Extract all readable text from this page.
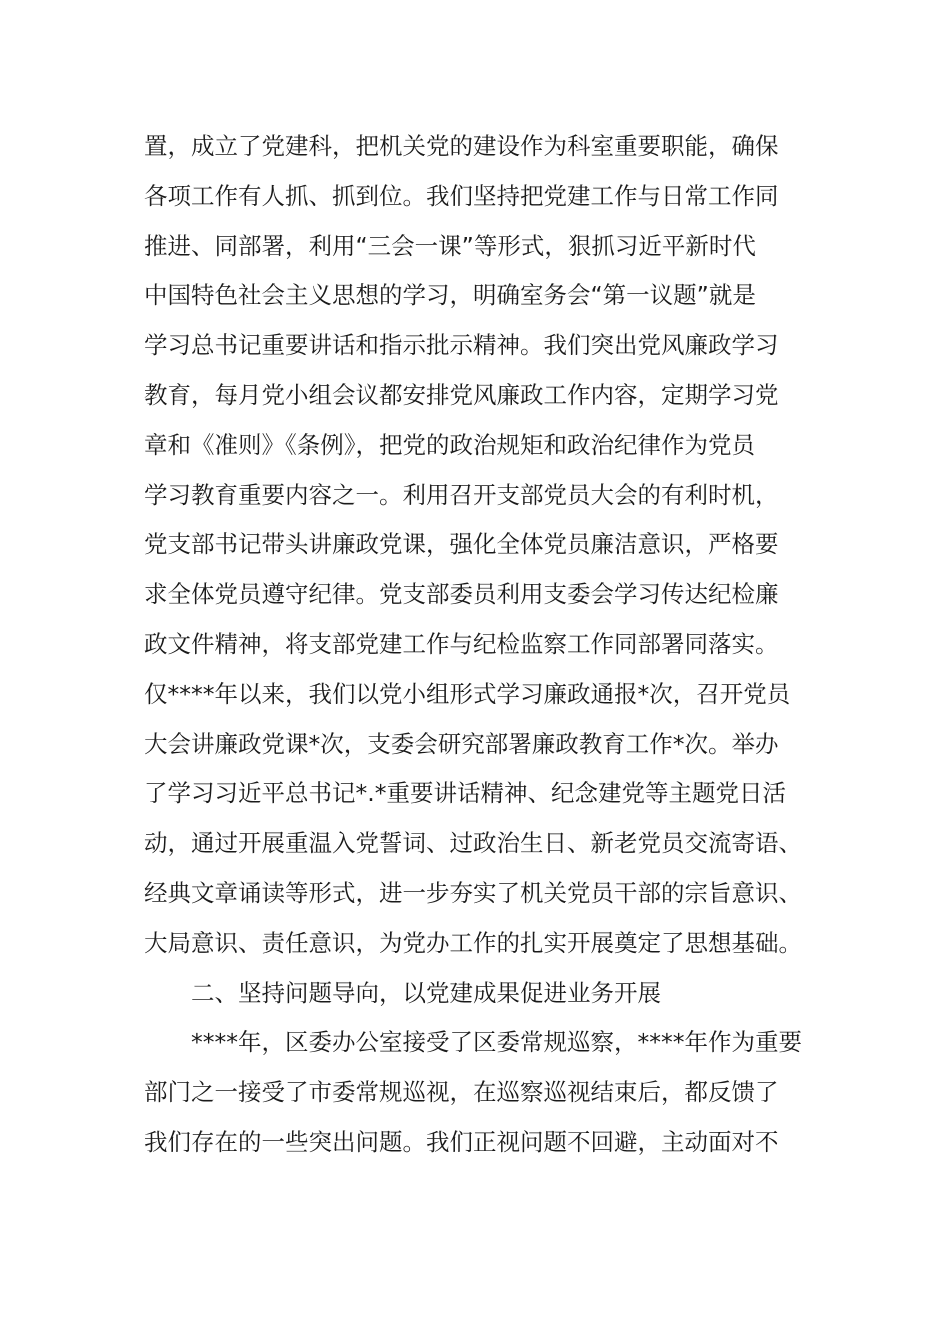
置，成立了党建科，把机关党的建设作为科室重要职能，确保
各项工作有人抓、抓到位。我们坚持把党建工作与日常工作同
推进、同部署，利用“三会一课”等形式，狠抓习近平新时代
中国特色社会主义思想的学习，明确室务会“第一议题”就是
学习总书记重要讲话和指示批示精神。我们突出党风廉政学习
教育，每月党小组会议都安排党风廉政工作内容，定期学习党
章和《准则》《条例》，把党的政治规矩和政治纪律作为党员
学习教育重要内容之一。利用召开支部党员大会的有利时机，
党支部书记带头讲廉政党课，强化全体党员廉洁意识，严格要
求全体党员遵守纪律。党支部委员利用支委会学习传达纪检廉
政文件精神，将支部党建工作与纪检监察工作同部署同落实。
仅****年以来，我们以党小组形式学习廉政通报*次，召开党员
大会讲廉政党课*次，支委会研究部署廉政教育工作*次。举办
了学习习近平总书记*.*重要讲话精神、纪念建党等主题党日活
动，通过开展重温入党誓词、过政治生日、新老党员交流寄语、
经典文章诵读等形式，进一步夯实了机关党员干部的宗旨意识、
大局意识、责任意识，为党办工作的扎实开展奠定了思想基础。
二、坚持问题导向，以党建成果促进业务开展
****年，区委办公室接受了区委常规巡察，****年作为重要
部门之一接受了市委常规巡视，在巡察巡视结束后，都反馈了
我们存在的一些突出问题。我们正视问题不回避，主动面对不
